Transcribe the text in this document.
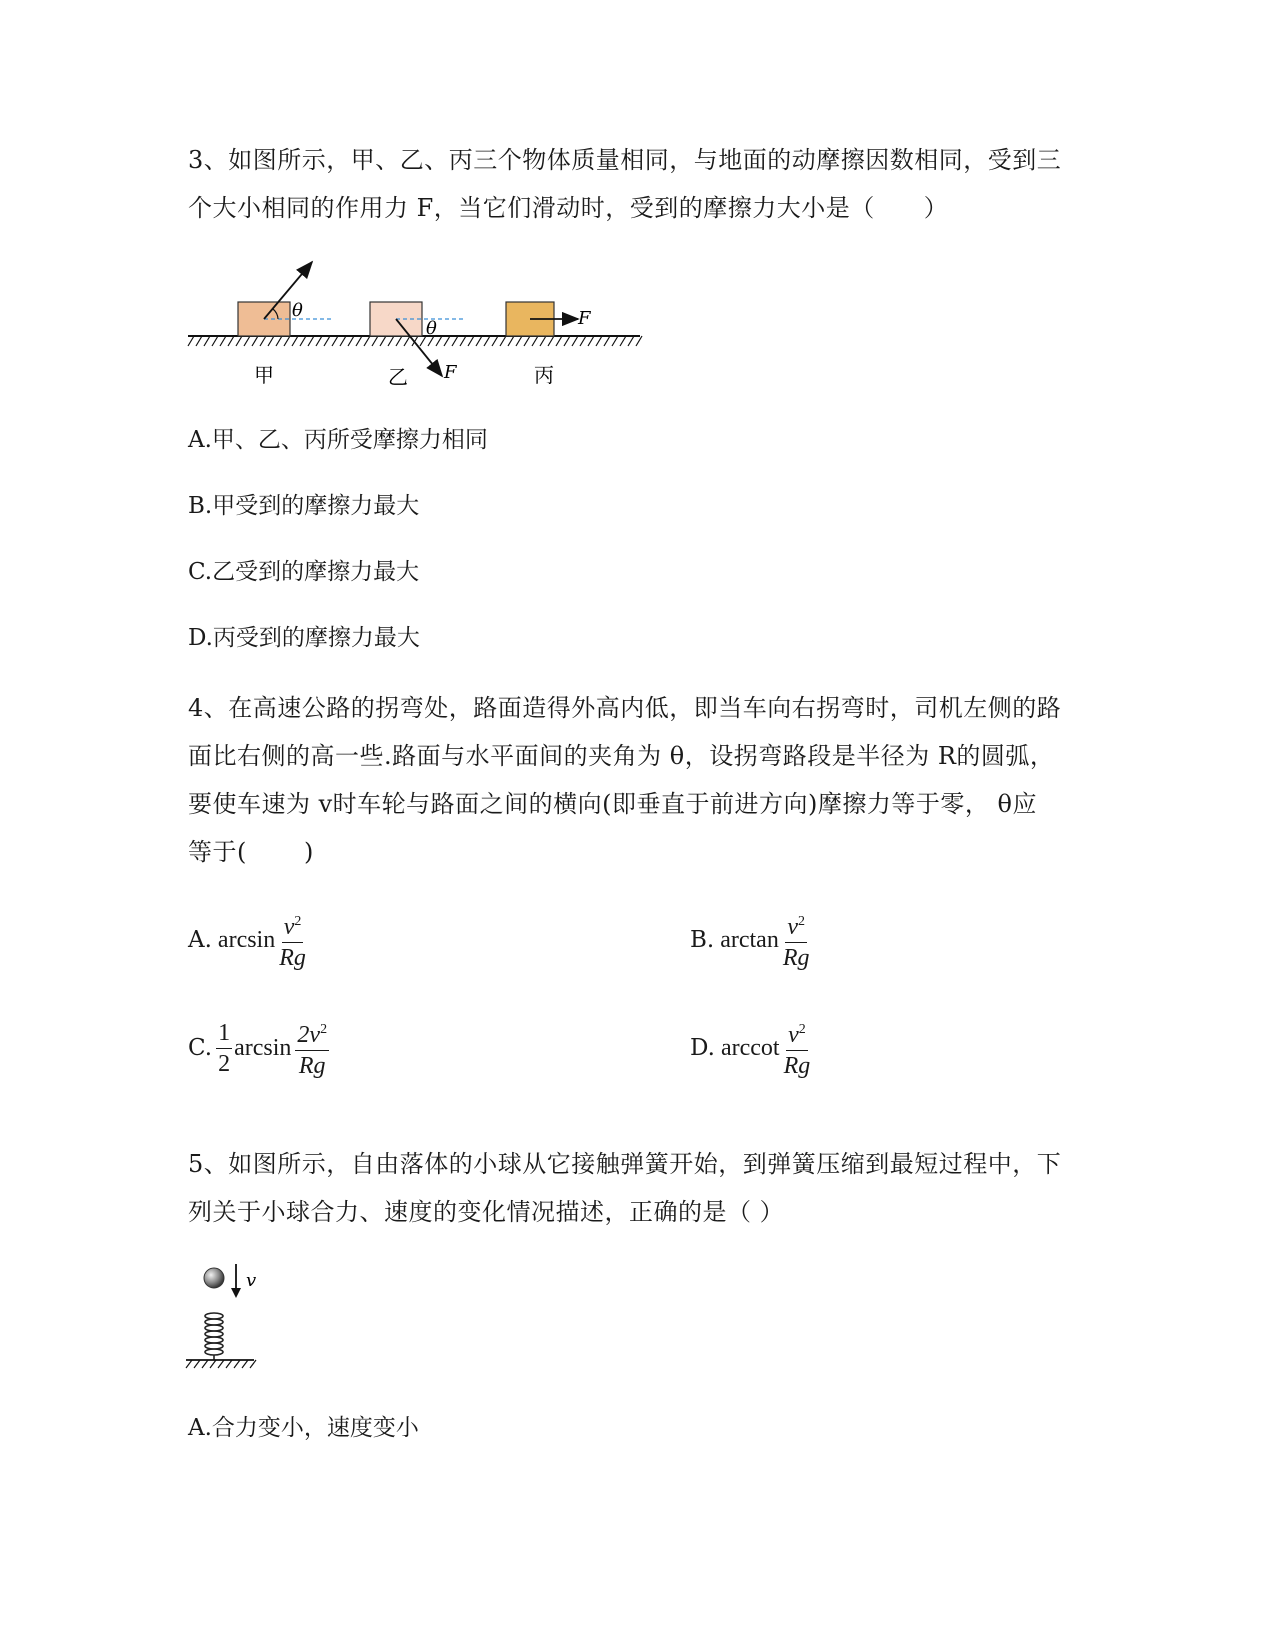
3、如图所示，甲、乙、丙三个物体质量相同，与地面的动摩擦因数相同，受到三
个大小相同的作用力 F，当它们滑动时，受到的摩擦力大小是（　　）
θ
甲
θ
F
乙
F
丙
A.甲、乙、丙所受摩擦力相同
B.甲受到的摩擦力最大
C.乙受到的摩擦力最大
D.丙受到的摩擦力最大
4、在高速公路的拐弯处，路面造得外高内低，即当车向右拐弯时，司机左侧的路
面比右侧的高一些.路面与水平面间的夹角为 θ，设拐弯路段是半径为 R的圆弧，
要使车速为 v时车轮与路面之间的横向(即垂直于前进方向)摩擦力等于零， θ应
等于(　　 )
A. $\arcsin \frac{v^2}{Rg}$	B. $\arctan \frac{v^2}{Rg}$
C. $\frac{1}{2}$ $\arcsin \frac{2v^2}{Rg}$	D. arccot $\frac{v^2}{Rg}$
5、如图所示，自由落体的小球从它接触弹簧开始，到弹簧压缩到最短过程中，下
列关于小球合力、速度的变化情况描述，正确的是（ ）
v
A.合力变小，速度变小
